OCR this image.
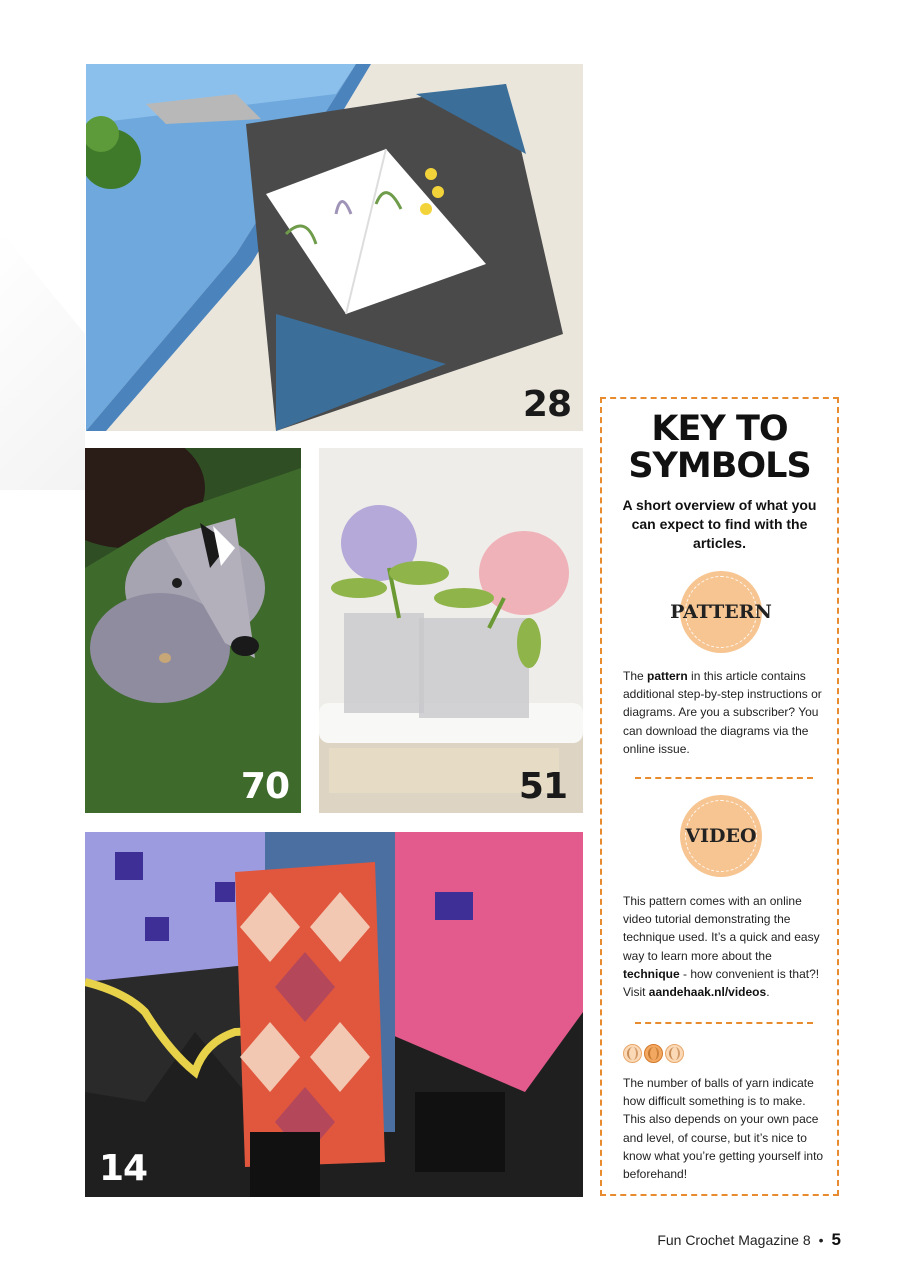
28
70	51
14
KEY TO
SYMBOLS
A short overview of what you can expect to find with the articles.
PATTERN
The pattern in this article contains additional step-by-step instructions or diagrams. Are you a subscriber? You can download the diagrams via the online issue.
VIDEO
This pattern comes with an online video tutorial demonstrating the technique used. It’s a quick and easy way to learn more about the technique - how convenient is that?! Visit aandehaak.nl/videos.
The number of balls of yarn indicate how difficult something is to make. This also depends on your own pace and level, of course, but it’s nice to know what you’re getting yourself into beforehand!
Fun Crochet Magazine 8 • 5
